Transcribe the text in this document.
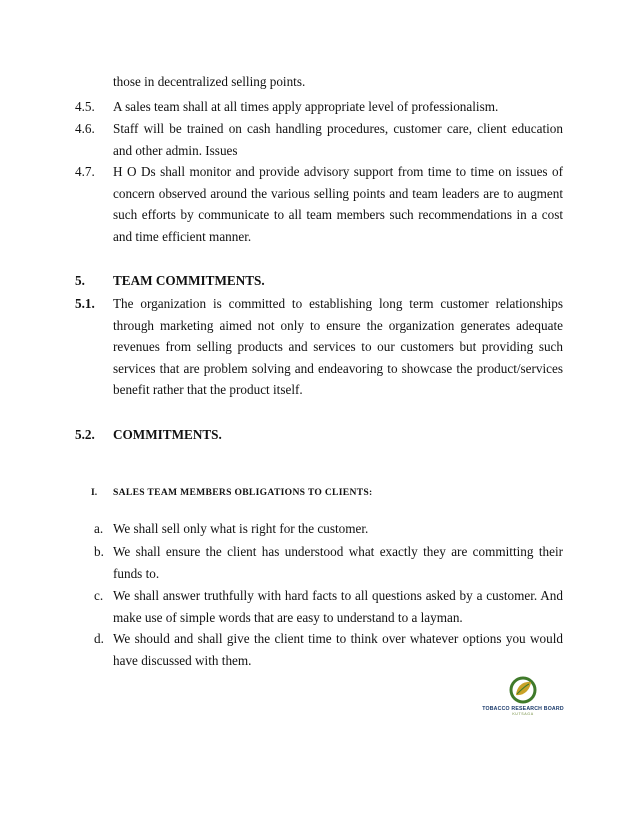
those in decentralized selling points.
4.5. A sales team shall at all times apply appropriate level of professionalism.
4.6. Staff will be trained on cash handling procedures, customer care, client education and other admin. Issues
4.7. H O Ds shall monitor and provide advisory support from time to time on issues of concern observed around the various selling points and team leaders are to augment such efforts by communicate to all team members such recommendations in a cost and time efficient manner.
5. TEAM COMMITMENTS.
5.1. The organization is committed to establishing long term customer relationships through marketing aimed not only to ensure the organization generates adequate revenues from selling products and services to our customers but providing such services that are problem solving and endeavoring to showcase the product/services benefit rather that the product itself.
5.2. COMMITMENTS.
I. SALES TEAM MEMBERS OBLIGATIONS TO CLIENTS:
a. We shall sell only what is right for the customer.
b. We shall ensure the client has understood what exactly they are committing their funds to.
c. We shall answer truthfully with hard facts to all questions asked by a customer. And make use of simple words that are easy to understand to a layman.
d. We should and shall give the client time to think over whatever options you would have discussed with them.
TOBACCO RESEARCH BOARD
KUTSAGA
